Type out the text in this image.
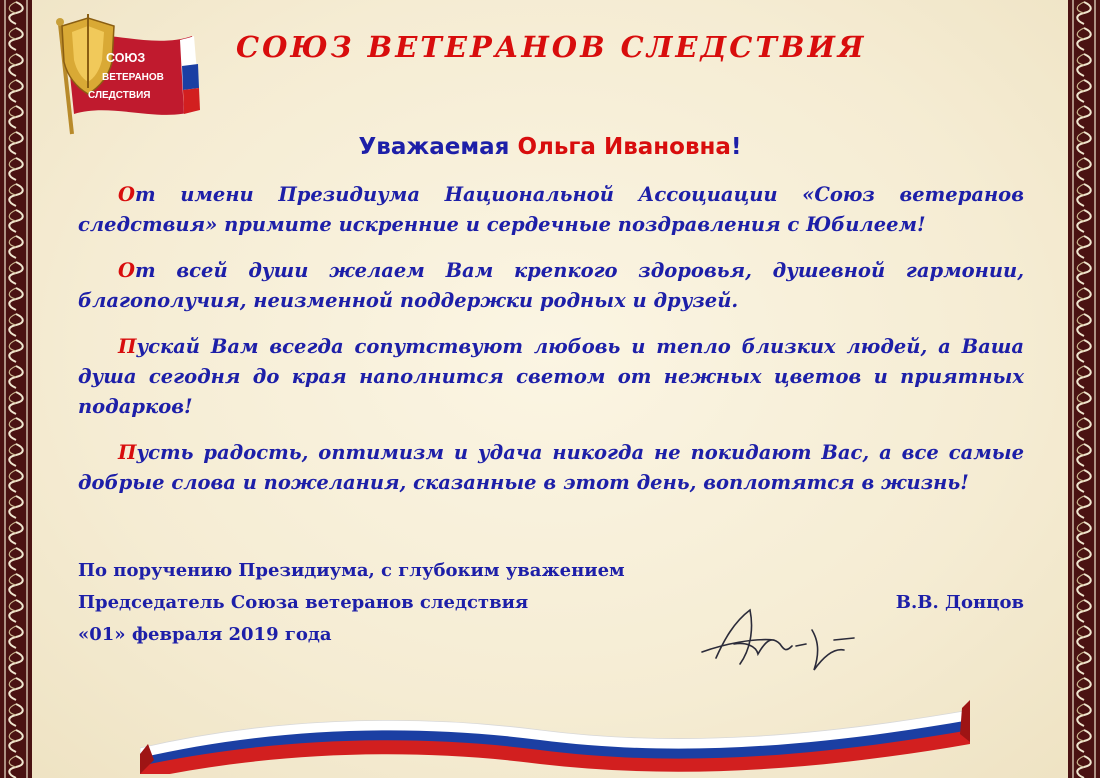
СОЮЗ
ВЕТЕРАНОВ
СЛЕДСТВИЯ
СОЮЗ ВЕТЕРАНОВ СЛЕДСТВИЯ

Уважаемая Ольга Ивановна!

От имени Президиума Национальной Ассоциации «Союз ветеранов следствия» примите искренние и сердечные поздравления с Юбилеем!

От всей души желаем Вам крепкого здоровья, душевной гармонии, благополучия, неизменной поддержки родных и друзей.

Пускай Вам всегда сопутствуют любовь и тепло близких людей, а Ваша душа сегодня до края наполнится светом от нежных цветов и приятных подарков!

Пусть радость, оптимизм и удача никогда не покидают Вас, а все самые добрые слова и пожелания, сказанные в этот день, воплотятся в жизнь!

По поручению Президиума, с глубоким уважением
Председатель Союза ветеранов следствия	В.В. Донцов
«01» февраля 2019 года
